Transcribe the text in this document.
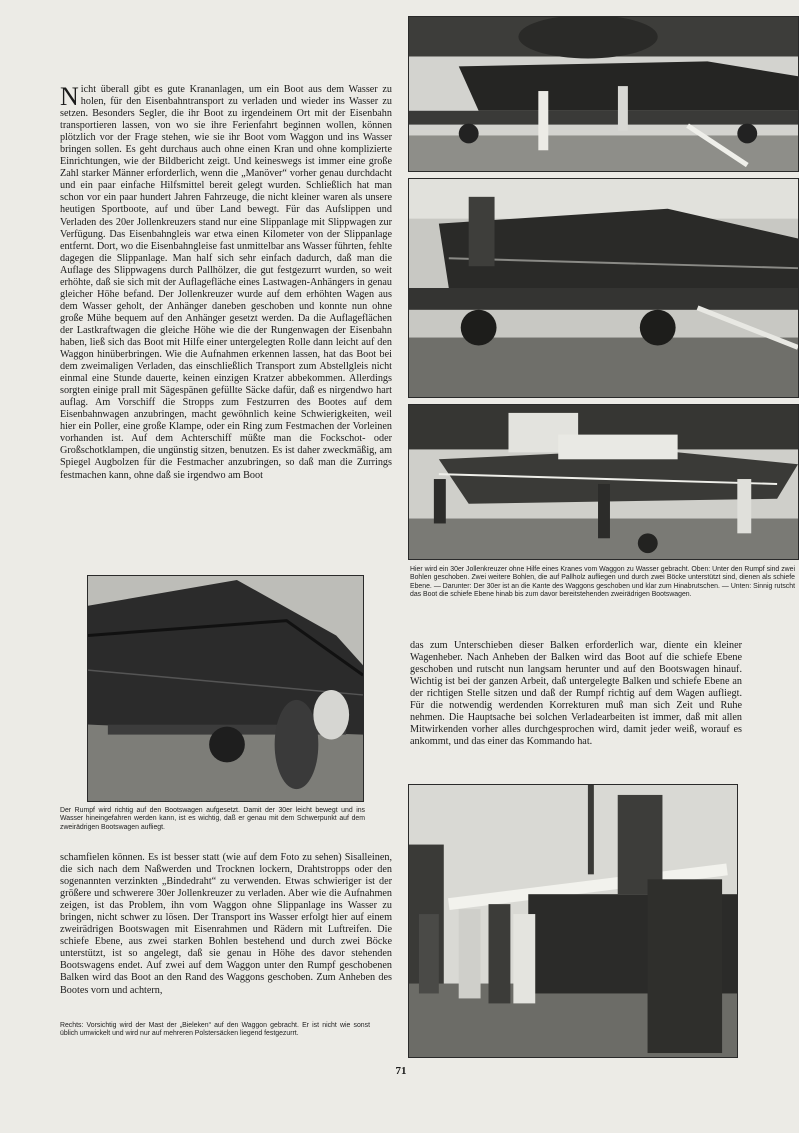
Nicht überall gibt es gute Krananlagen, um ein Boot aus dem Wasser zu holen, für den Eisenbahntransport zu verladen und wieder ins Wasser zu setzen. Besonders Segler, die ihr Boot zu irgendeinem Ort mit der Eisenbahn transportieren lassen, von wo sie ihre Ferienfahrt beginnen wollen, können plötzlich vor der Frage stehen, wie sie ihr Boot vom Waggon und ins Wasser bringen sollen. Es geht durchaus auch ohne einen Kran und ohne komplizierte Einrichtungen, wie der Bildbericht zeigt. Und keineswegs ist immer eine große Zahl starker Männer erforderlich, wenn die „Manöver“ vorher genau durchdacht und ein paar einfache Hilfsmittel bereit gelegt wurden. Schließlich hat man schon vor ein paar hundert Jahren Fahrzeuge, die nicht kleiner waren als unsere heutigen Sportboote, auf und über Land bewegt. Für das Aufslippen und Verladen des 20er Jollenkreuzers stand nur eine Slippanlage mit Slippwagen zur Verfügung. Das Eisenbahngleis war etwa einen Kilometer von der Slippanlage entfernt. Dort, wo die Eisenbahngleise fast unmittelbar ans Wasser führten, fehlte dagegen die Slippanlage. Man half sich sehr einfach dadurch, daß man die Auflage des Slippwagens durch Pallhölzer, die gut festgezurrt wurden, so weit erhöhte, daß sie sich mit der Auflagefläche eines Lastwagen-Anhängers in genau gleicher Höhe befand. Der Jollenkreuzer wurde auf dem erhöhten Wagen aus dem Wasser geholt, der Anhänger daneben geschoben und konnte nun ohne große Mühe bequem auf den Anhänger gesetzt werden. Da die Auflageflächen der Lastkraftwagen die gleiche Höhe wie die der Rungenwagen der Eisenbahn haben, ließ sich das Boot mit Hilfe einer untergelegten Rolle dann leicht auf den Waggon hinüberbringen. Wie die Aufnahmen erkennen lassen, hat das Boot bei dem zweimaligen Verladen, das einschließlich Transport zum Abstellgleis nicht einmal eine Stunde dauerte, keinen einzigen Kratzer abbekommen. Allerdings sorgten einige prall mit Sägespänen gefüllte Säcke dafür, daß es nirgendwo hart auflag. Am Vorschiff die Stropps zum Festzurren des Bootes auf dem Eisenbahnwagen anzubringen, macht gewöhnlich keine Schwierigkeiten, weil hier ein Poller, eine große Klampe, oder ein Ring zum Festmachen der Vorleinen vorhanden ist. Auf dem Achterschiff müßte man die Fockschot- oder Großschotklampen, die ungünstig sitzen, benutzen. Es ist daher zweckmäßig, am Spiegel Augbolzen für die Festmacher anzubringen, so daß man die Zurrings festmachen kann, ohne daß sie irgendwo am Boot
Der Rumpf wird richtig auf den Bootswagen aufgesetzt. Damit der 30er leicht bewegt und ins Wasser hineingefahren werden kann, ist es wichtig, daß er genau mit dem Schwerpunkt auf dem zweirädrigen Bootswagen aufliegt.
schamfielen können. Es ist besser statt (wie auf dem Foto zu sehen) Sisalleinen, die sich nach dem Naßwerden und Trocknen lockern, Drahtstropps oder den sogenannten verzinkten „Bindedraht“ zu verwenden. Etwas schwieriger ist der größere und schwerere 30er Jollenkreuzer zu verladen. Aber wie die Aufnahmen zeigen, ist das Problem, ihn vom Waggon ohne Slippanlage ins Wasser zu bringen, nicht schwer zu lösen. Der Transport ins Wasser erfolgt hier auf einem zweirädrigen Bootswagen mit Eisenrahmen und Rädern mit Luftreifen. Die schiefe Ebene, aus zwei starken Bohlen bestehend und durch zwei Böcke unterstützt, ist so angelegt, daß sie genau in Höhe des davor stehenden Bootswagens endet. Auf zwei auf dem Waggon unter den Rumpf geschobenen Balken wird das Boot an den Rand des Waggons geschoben. Zum Anheben des Bootes vorn und achtern,
Hier wird ein 30er Jollenkreuzer ohne Hilfe eines Kranes vom Waggon zu Wasser gebracht. Oben: Unter den Rumpf sind zwei Bohlen geschoben. Zwei weitere Bohlen, die auf Pallholz aufliegen und durch zwei Böcke unterstützt sind, dienen als schiefe Ebene. — Darunter: Der 30er ist an die Kante des Waggons geschoben und klar zum Hinabrutschen. — Unten: Sinnig rutscht das Boot die schiefe Ebene hinab bis zum davor bereitstehenden zweirädrigen Bootswagen.
das zum Unterschieben dieser Balken erforderlich war, diente ein kleiner Wagenheber. Nach Anheben der Balken wird das Boot auf die schiefe Ebene geschoben und rutscht nun langsam herunter und auf den Bootswagen hinauf. Wichtig ist bei der ganzen Arbeit, daß untergelegte Balken und schiefe Ebene an der richtigen Stelle sitzen und daß der Rumpf richtig auf dem Wagen aufliegt. Für die notwendig werdenden Korrekturen muß man sich Zeit und Ruhe nehmen. Die Hauptsache bei solchen Verladearbeiten ist immer, daß mit allen Mitwirkenden vorher alles durchgesprochen wird, damit jeder weiß, worauf es ankommt, und das einer das Kommando hat.
Rechts: Vorsichtig wird der Mast der „Bieleken“ auf den Waggon gebracht. Er ist nicht wie sonst üblich umwickelt und wird nur auf mehreren Polstersäcken liegend festgezurrt.
71
